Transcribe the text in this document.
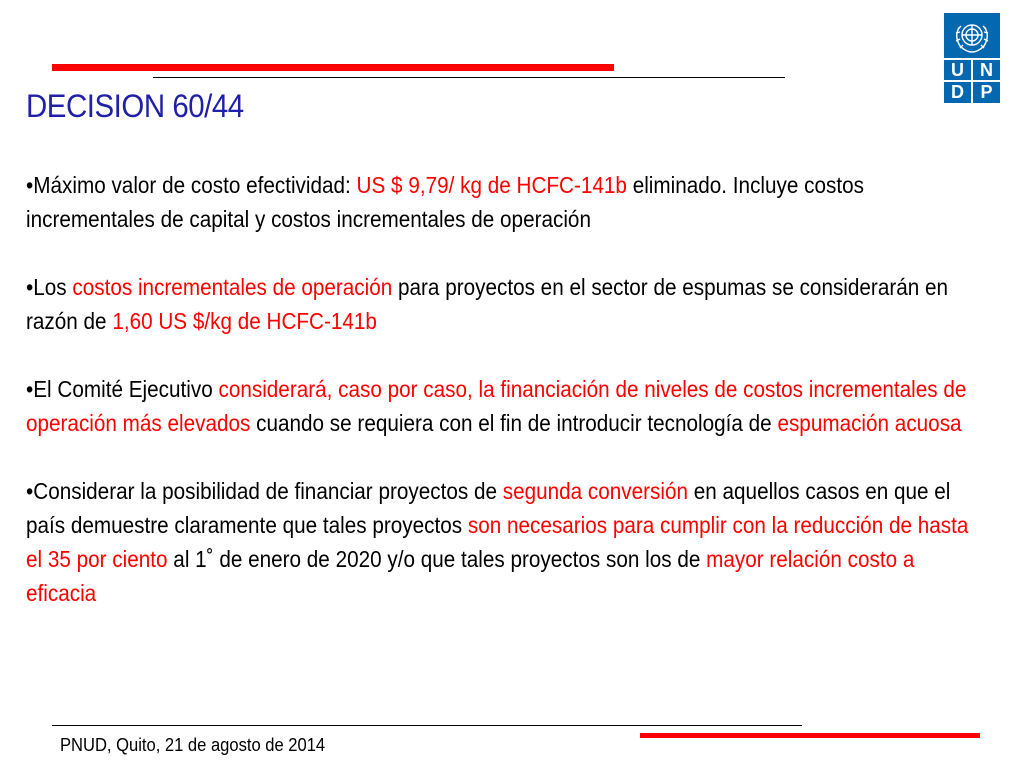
U N
D P
DECISION 60/44

•Máximo valor de costo efectividad: US $ 9,79/ kg de HCFC-141b eliminado. Incluye costos incrementales de capital y costos incrementales de operación

•Los costos incrementales de operación para proyectos en el sector de espumas se considerarán en razón de 1,60 US $/kg de HCFC-141b

•El Comité Ejecutivo considerará, caso por caso, la financiación de niveles de costos incrementales de operación más elevados cuando se requiera con el fin de introducir tecnología de espumación acuosa

•Considerar la posibilidad de financiar proyectos de segunda conversión en aquellos casos en que el país demuestre claramente que tales proyectos son necesarios para cumplir con la reducción de hasta el 35 por ciento al 1˚ de enero de 2020 y/o que tales proyectos son los de mayor relación costo a eficacia

PNUD, Quito, 21 de agosto de 2014
